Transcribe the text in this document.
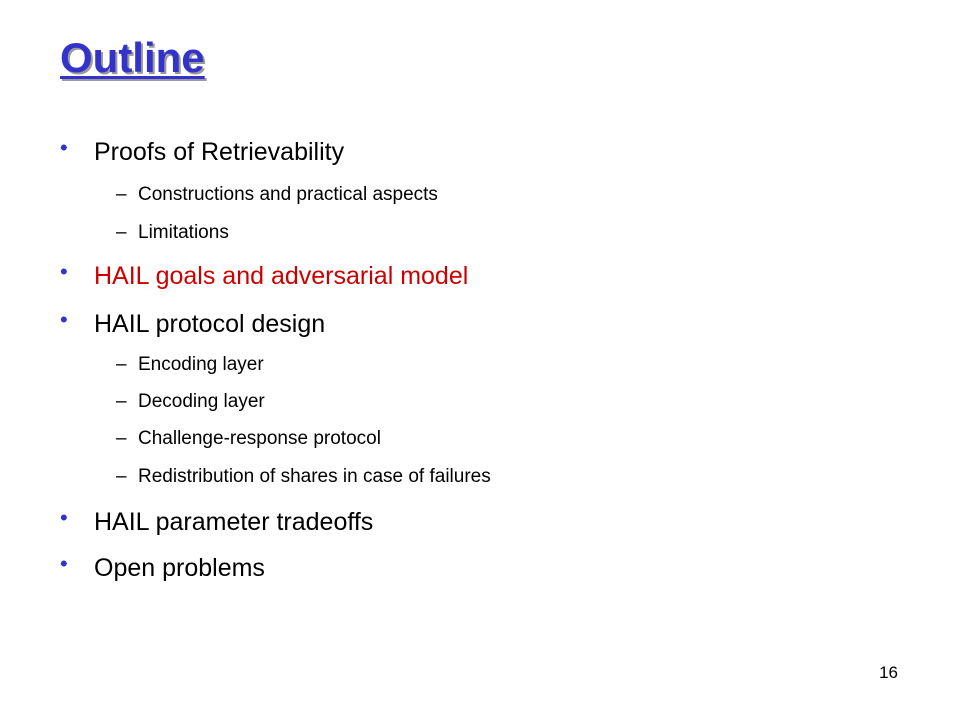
Outline
• Proofs of Retrievability
– Constructions and practical aspects
– Limitations
• HAIL goals and adversarial model
• HAIL protocol design
– Encoding layer
– Decoding layer
– Challenge-response protocol
– Redistribution of shares in case of failures
• HAIL parameter tradeoffs
• Open problems
16
